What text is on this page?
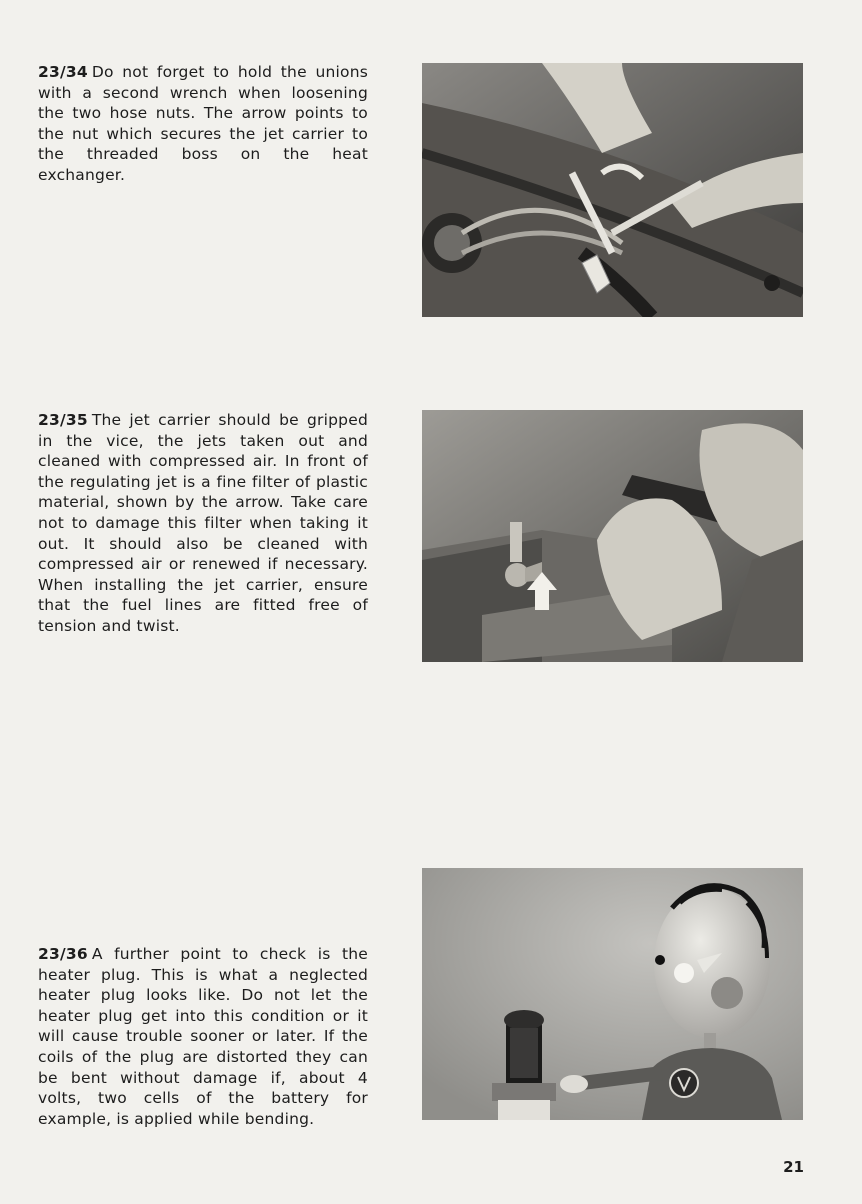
23/34 Do not forget to hold the unions with a second wrench when loosening the two hose nuts. The arrow points to the nut which secures the jet carrier to the threaded boss on the heat exchanger.
23/35 The jet carrier should be gripped in the vice, the jets taken out and cleaned with compressed air. In front of the regulating jet is a fine filter of plastic material, shown by the arrow. Take care not to damage this filter when taking it out. It should also be cleaned with compressed air or renewed if necessary. When installing the jet carrier, ensure that the fuel lines are fitted free of tension and twist.
23/36 A further point to check is the heater plug. This is what a neglected heater plug looks like. Do not let the heater plug get into this condition or it will cause trouble sooner or later. If the coils of the plug are distorted they can be bent without damage if, about 4 volts, two cells of the battery for example, is applied while bending.
21
